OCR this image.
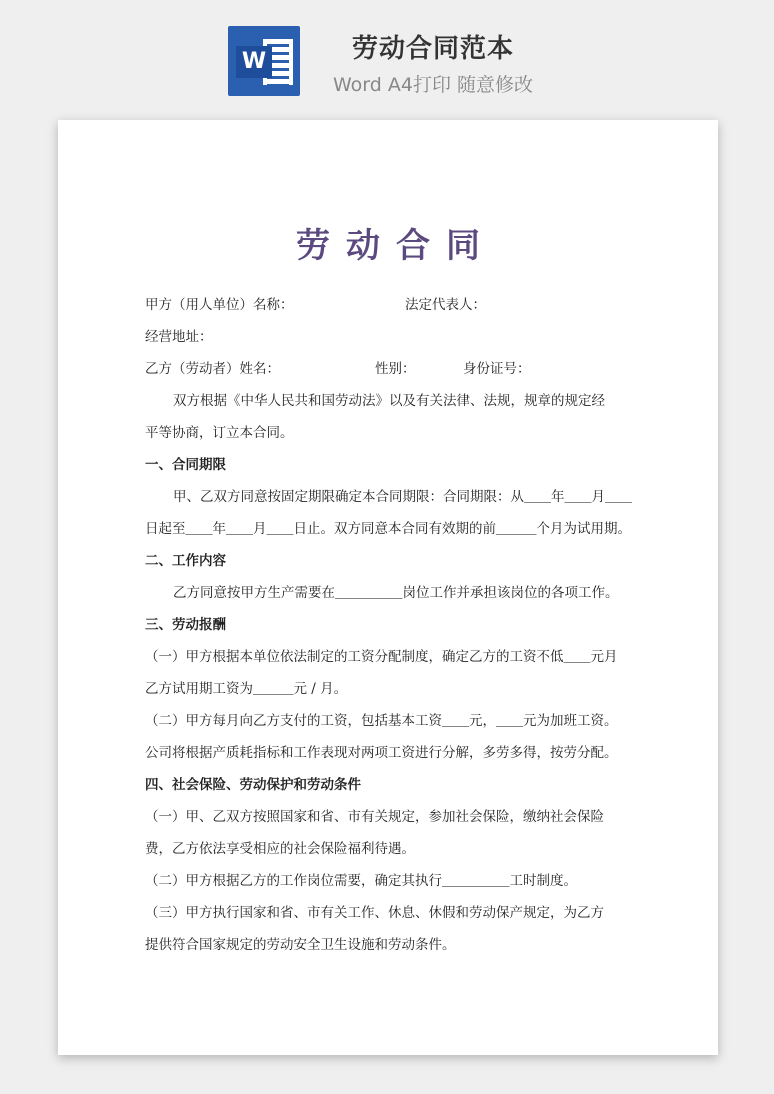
W	劳动合同范本
Word A4打印 随意修改
劳动合同
甲方（用人单位）名称：	法定代表人：
经营地址：
乙方（劳动者）姓名：	性别：	身份证号：
双方根据《中华人民共和国劳动法》以及有关法律、法规，规章的规定经
平等协商，订立本合同。
一、合同期限
甲、乙双方同意按固定期限确定本合同期限：合同期限：从＿＿年＿＿月＿＿
日起至＿＿年＿＿月＿＿日止。双方同意本合同有效期的前＿＿＿个月为试用期。
二、工作内容
乙方同意按甲方生产需要在＿＿＿＿＿岗位工作并承担该岗位的各项工作。
三、劳动报酬
（一）甲方根据本单位依法制定的工资分配制度，确定乙方的工资不低＿＿元月
乙方试用期工资为＿＿＿元 / 月。
（二）甲方每月向乙方支付的工资，包括基本工资＿＿元，＿＿元为加班工资。
公司将根据产质耗指标和工作表现对两项工资进行分解，多劳多得，按劳分配。
四、社会保险、劳动保护和劳动条件
（一）甲、乙双方按照国家和省、市有关规定，参加社会保险，缴纳社会保险
费，乙方依法享受相应的社会保险福利待遇。
（二）甲方根据乙方的工作岗位需要，确定其执行＿＿＿＿＿工时制度。
（三）甲方执行国家和省、市有关工作、休息、休假和劳动保产规定，为乙方
提供符合国家规定的劳动安全卫生设施和劳动条件。
